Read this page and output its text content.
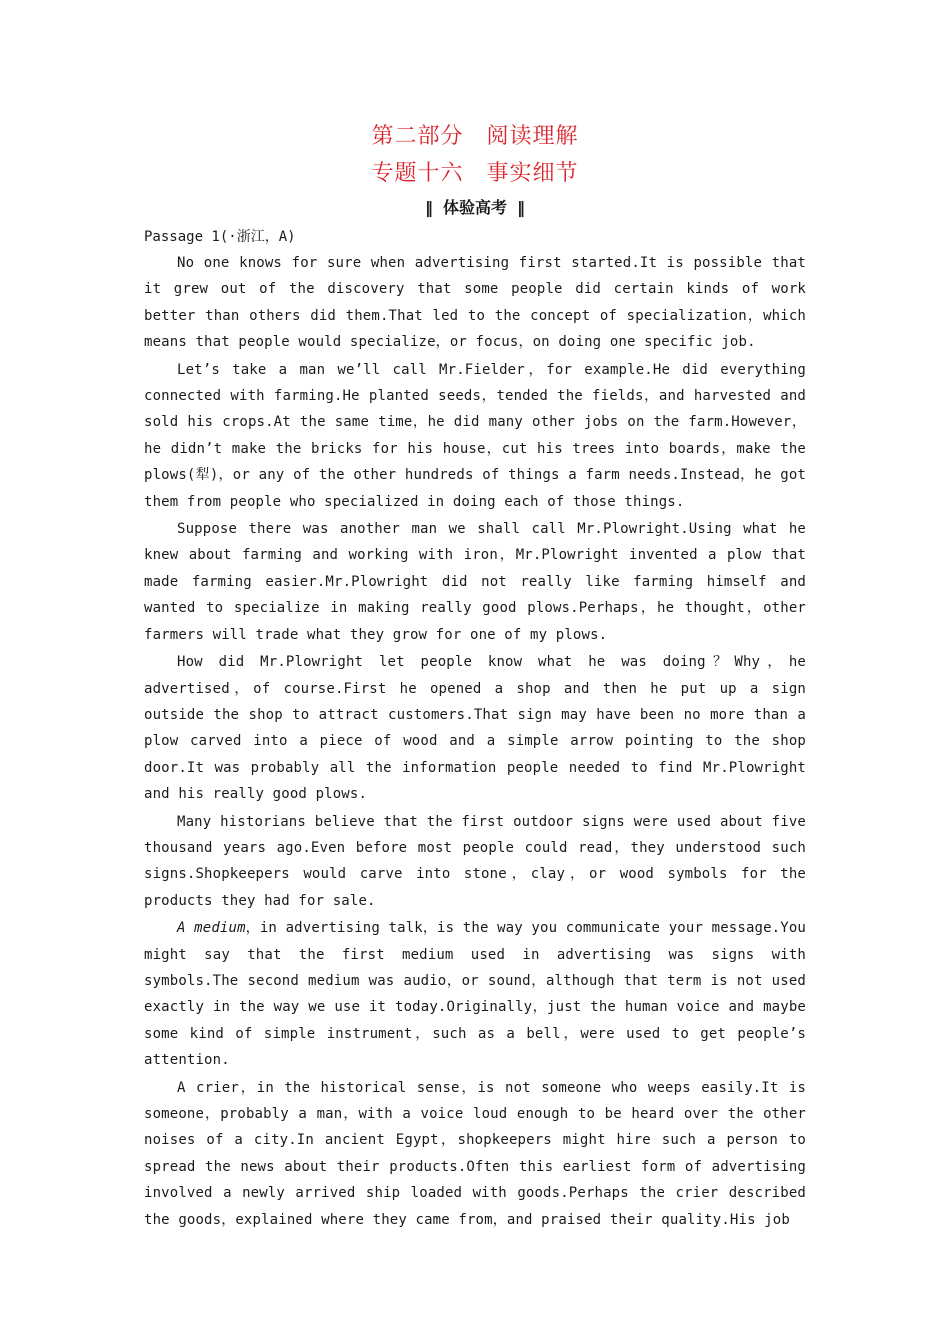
第二部分　阅读理解
专题十六　事实细节
‖ 体验高考 ‖
Passage 1(·浙江，A)

No one knows for sure when advertising first started.It is possible that it grew out of the discovery that some people did certain kinds of work better than others did them.That led to the concept of specialization，which means that people would specialize，or focus，on doing one specific job.

Let’s take a man we’ll call Mr.Fielder，for example.He did everything connected with farming.He planted seeds，tended the fields，and harvested and sold his crops.At the same time，he did many other jobs on the farm.However，he didn’t make the bricks for his house，cut his trees into boards，make the plows(犁)，or any of the other hundreds of things a farm needs.Instead，he got them from people who specialized in doing each of those things.

Suppose there was another man we shall call Mr.Plowright.Using what he knew about farming and working with iron，Mr.Plowright invented a plow that made farming easier.Mr.Plowright did not really like farming himself and wanted to specialize in making really good plows.Perhaps，he thought，other farmers will trade what they grow for one of my plows.

How did Mr.Plowright let people know what he was doing？Why，he advertised，of course.First he opened a shop and then he put up a sign outside the shop to attract customers.That sign may have been no more than a plow carved into a piece of wood and a simple arrow pointing to the shop door.It was probably all the information people needed to find Mr.Plowright and his really good plows.

Many historians believe that the first outdoor signs were used about five thousand years ago.Even before most people could read，they understood such signs.Shopkeepers would carve into stone，clay，or wood symbols for the products they had for sale.

A medium，in advertising talk，is the way you communicate your message.You might say that the first medium used in advertising was signs with symbols.The second medium was audio，or sound，although that term is not used exactly in the way we use it today.Originally，just the human voice and maybe some kind of simple instrument，such as a bell，were used to get people’s attention.

A crier，in the historical sense，is not someone who weeps easily.It is someone，probably a man，with a voice loud enough to be heard over the other noises of a city.In ancient Egypt，shopkeepers might hire such a person to spread the news about their products.Often this earliest form of advertising involved a newly arrived ship loaded with goods.Perhaps the crier described the goods，explained where they came from，and praised their quality.His job
